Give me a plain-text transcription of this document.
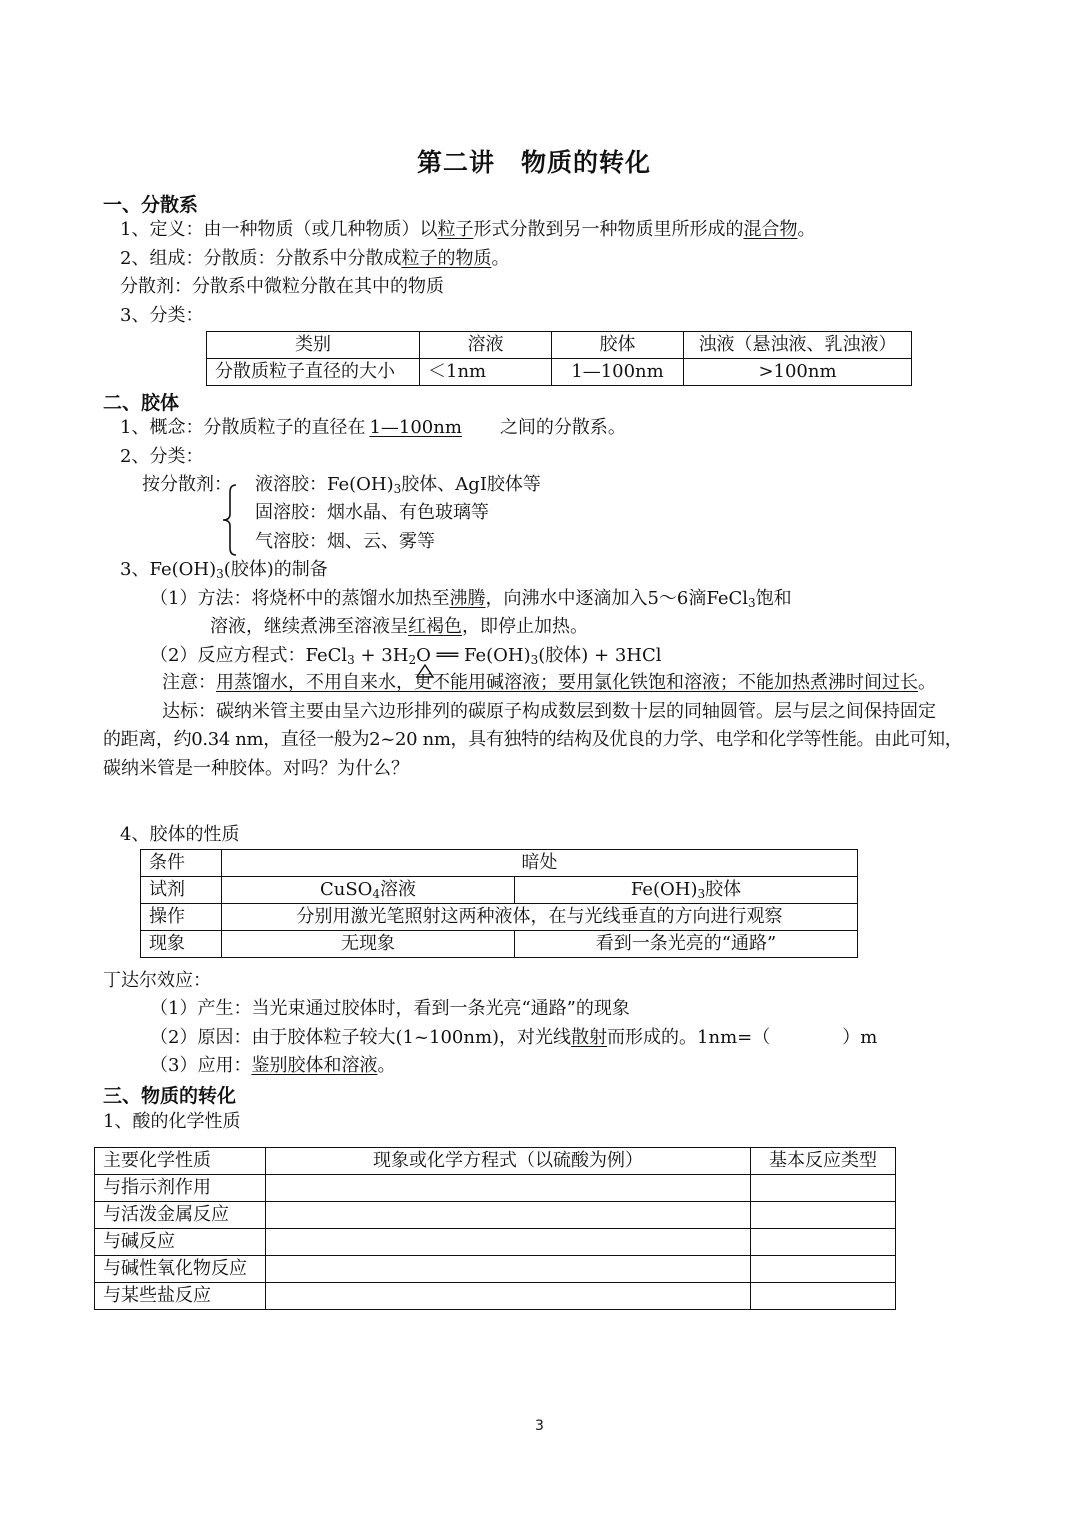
第二讲　物质的转化
一、分散系
1、定义：由一种物质（或几种物质）以粒子形式分散到另一种物质里所形成的混合物。
2、组成：分散质：分散系中分散成粒子的物质。
分散剂：分散系中微粒分散在其中的物质
3、分类：
类别	溶液	胶体	浊液（悬浊液、乳浊液）
分散质粒子直径的大小	＜1nm	1—100nm	>100nm
二、胶体
1、概念：分散质粒子的直径在 1—100nm 之间的分散系。
2、分类：
按分散剂： 液溶胶：$Fe(OH)_3$胶体、AgI胶体等
固溶胶：烟水晶、有色玻璃等
气溶胶：烟、云、雾等
3、$Fe(OH)_3$(胶体)的制备
（1）方法：将烧杯中的蒸馏水加热至沸腾，向沸水中逐滴加入5～6滴FeCl$_3$饱和
溶液，继续煮沸至溶液呈红褐色，即停止加热。
（2）反应方程式：FeCl$_3$ + $3H_2O$ ══ $Fe(OH)_3$(胶体) + 3HCl
注意：用蒸馏水，不用自来水，更不能用碱溶液；要用氯化铁饱和溶液；不能加热煮沸时间过长。
达标：碳纳米管主要由呈六边形排列的碳原子构成数层到数十层的同轴圆管。层与层之间保持固定
的距离，约0.34 nm，直径一般为2~20 nm，具有独特的结构及优良的力学、电学和化学等性能。由此可知，
碳纳米管是一种胶体。对吗？为什么？
4、胶体的性质
条件	暗处	
试剂	CuSO$_4$溶液	$Fe(OH)_3$胶体
操作	分别用激光笔照射这两种液体，在与光线垂直的方向进行观察	
现象	无现象	看到一条光亮的“通路”
丁达尔效应：
（1）产生：当光束通过胶体时，看到一条光亮“通路”的现象
（2）原因：由于胶体粒子较大(1~100nm)，对光线散射而形成的。1nm=（　　　　）m
（3）应用：鉴别胶体和溶液。
三、物质的转化
1、酸的化学性质
主要化学性质	现象或化学方程式（以硫酸为例）	基本反应类型
与指示剂作用		
与活泼金属反应		
与碱反应		
与碱性氧化物反应		
与某些盐反应		
3
